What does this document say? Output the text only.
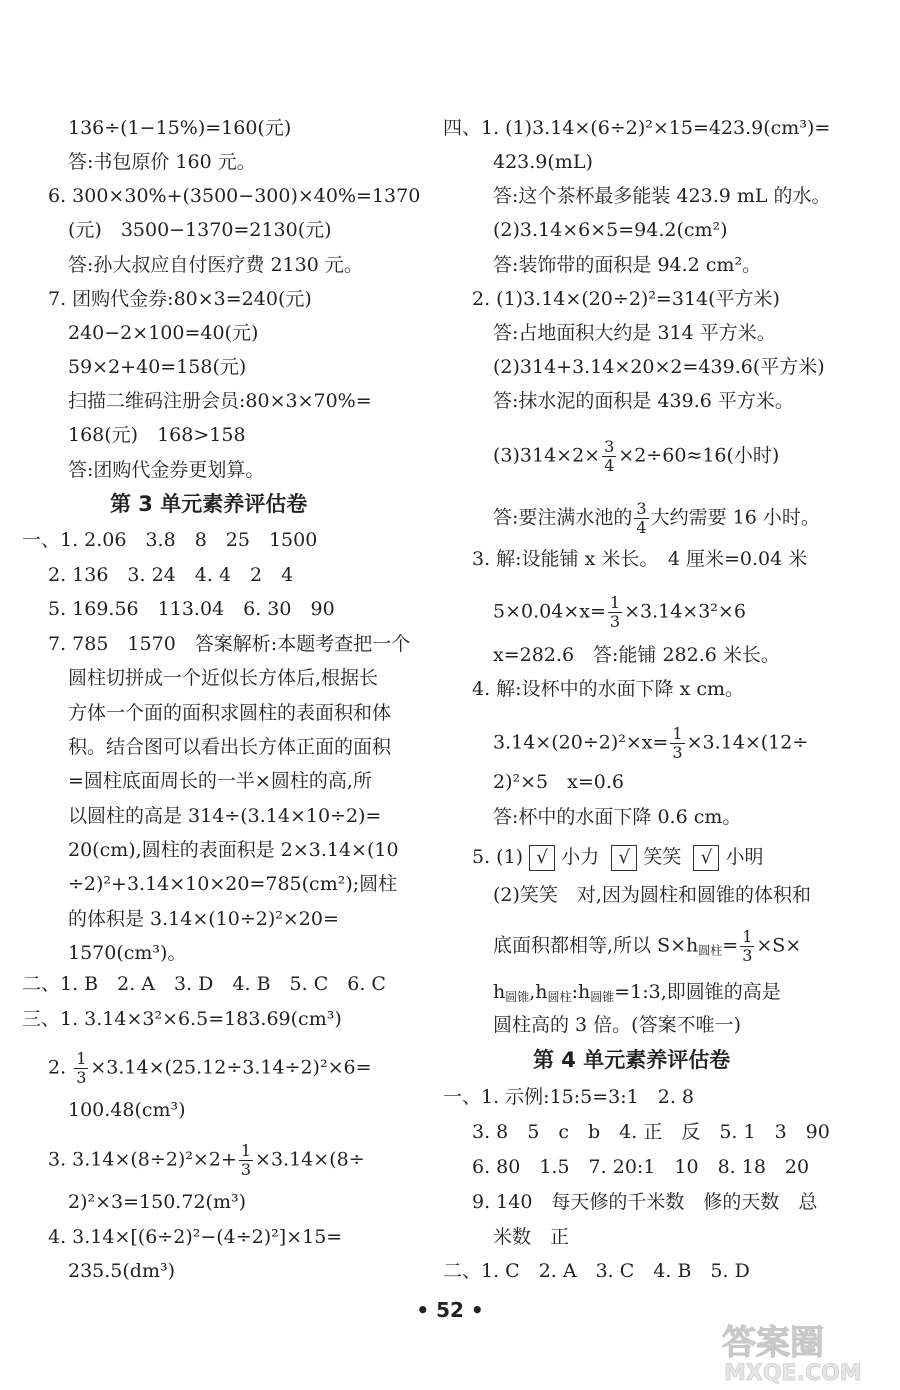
136÷(1−15%)=160(元)
答:书包原价 160 元。
6. 300×30%+(3500−300)×40%=1370
(元)　3500−1370=2130(元)
答:孙大叔应自付医疗费 2130 元。
7. 团购代金券:80×3=240(元)
240−2×100=40(元)
59×2+40=158(元)
扫描二维码注册会员:80×3×70%=
168(元)　168>158
答:团购代金券更划算。
第 3 单元素养评估卷
一、1. 2.06　3.8　8　25　1500
2. 136　3. 24　4. 4　2　4
5. 169.56　113.04　6. 30　90
7. 785　1570　答案解析:本题考查把一个
圆柱切拼成一个近似长方体后,根据长
方体一个面的面积求圆柱的表面积和体
积。结合图可以看出长方体正面的面积
=圆柱底面周长的一半×圆柱的高,所
以圆柱的高是 314÷(3.14×10÷2)=
20(cm),圆柱的表面积是 2×3.14×(10
÷2)²+3.14×10×20=785(cm²);圆柱
的体积是 3.14×(10÷2)²×20=
1570(cm³)。
二、1. B　2. A　3. D　4. B　5. C　6. C
三、1. 3.14×3²×6.5=183.69(cm³)
2. $\frac{1}{3} \times 3.14\times(25.12\div 3.14\div 2)^2\times 6=$
100.48(cm³)
3. $3.14\times(8\div 2)^2\times 2+ \frac{1}{3} \times 3.14\times(8\div$
2)²×3=150.72(m³)
4. 3.14×[(6÷2)²−(4÷2)²]×15=
235.5(dm³)
四、1. (1)3.14×(6÷2)²×15=423.9(cm³)=
423.9(mL)
答:这个茶杯最多能装 423.9 mL 的水。
(2)3.14×6×5=94.2(cm²)
答:装饰带的面积是 94.2 cm²。
2. (1)3.14×(20÷2)²=314(平方米)
答:占地面积大约是 314 平方米。
(2)314+3.14×20×2=439.6(平方米)
答:抹水泥的面积是 439.6 平方米。
$(3)314\times 2\times \frac{3}{4} \times 2\div 60\approx 16$(小时)
答:要注满水池的 $\frac{3}{4}$ 大约需要 16 小时。
3. 解:设能铺 x 米长。　4 厘米=0.04 米
$5\times 0.04\times x= \frac{1}{3} \times 3.14\times 3^2\times 6$
x=282.6　答:能铺 282.6 米长。
4. 解:设杯中的水面下降 x cm。
$3.14\times(20\div 2)^2\times x= \frac{1}{3} \times 3.14\times(12\div$
2)²×5　x=0.6
答:杯中的水面下降 0.6 cm。
5. (1) √ 小力 √ 笑笑 √ 小明
(2)笑笑　对,因为圆柱和圆锥的体积和
底面积都相等,所以 $S\times h_{圆柱}= \frac{1}{3} \times S\times$
$h_{圆锥},h_{圆柱}:h_{圆锥}=1:3$,即圆锥的高是
圆柱高的 3 倍。(答案不唯一)
第 4 单元素养评估卷
一、1. 示例:15:5=3:1　2. 8
3. 8　5　c　b　4. 正　反　5. 1　3　90
6. 80　1.5　7. 20:1　10　8. 18　20
9. 140　每天修的千米数　修的天数　总
米数　正
二、1. C　2. A　3. C　4. B　5. D
• 52 •
答案圈
MXQE.COM
